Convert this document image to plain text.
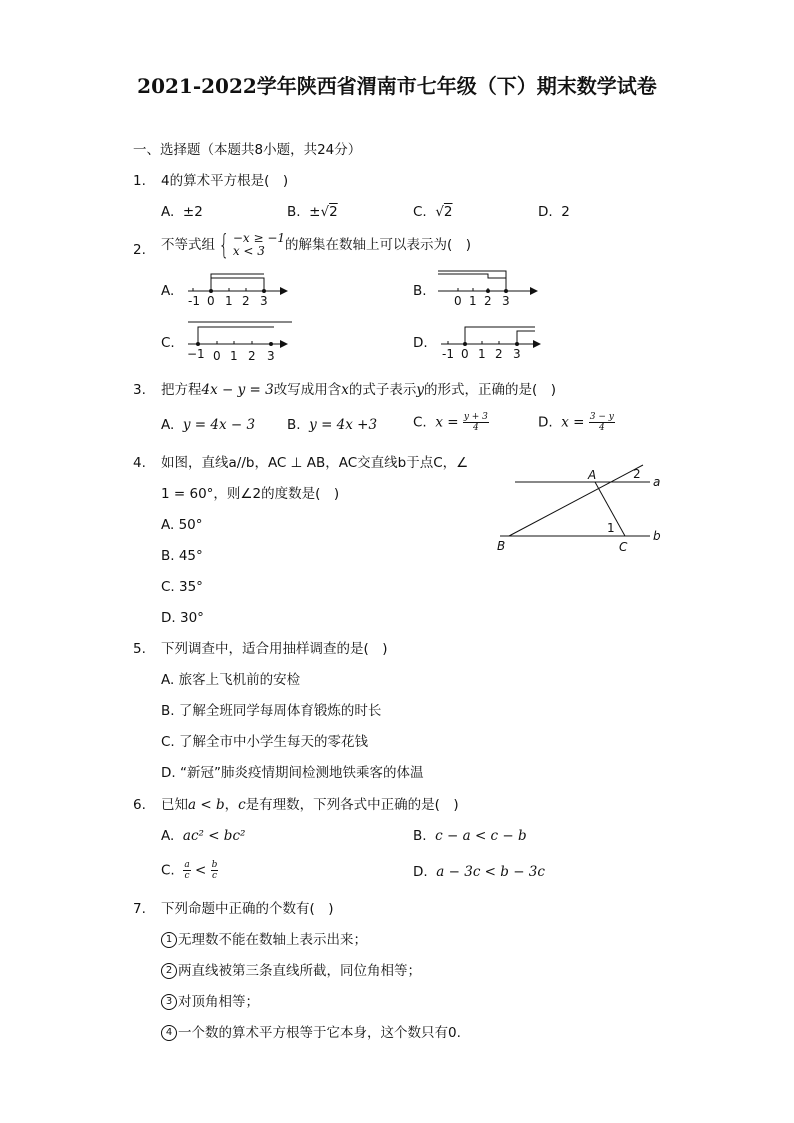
2021-2022学年陕西省渭南市七年级（下）期末数学试卷
一、选择题（本题共8小题，共24分）
1. 4的算术平方根是(　)
A. ±2	B. ±√2	C. √2	D. 2
2. 不等式组 { −x ≥ −1
x < 3	的解集在数轴上可以表示为(　)
A.
-1 0 1 2 3
B.
0 1 2 3
C.
−1 0 1 2 3
D.
-1 0 1 2 3
3. 把方程4x − y = 3改写成用含x的式子表示y的形式，正确的是(　)
A. y = 4x − 3 B. y = 4x +3	C. $x = \frac{y + 3}{4}$	D. $x = \frac{3 - y}{4}$
4. 如图，直线a//b，AC ⊥ AB，AC交直线b于点C，∠
1 = 60°，则∠2的度数是(　)
A. 50°
B. 45°
C. 35°
D. 30°
B
A
C
a
b
1
2
5. 下列调查中，适合用抽样调查的是(　)
A. 旅客上飞机前的安检
B. 了解全班同学每周体育锻炼的时长
C. 了解全市中小学生每天的零花钱
D. “新冠”肺炎疫情期间检测地铁乘客的体温
6. 已知a < b，c是有理数，下列各式中正确的是(　)
A. ac² < bc²	B. c − a < c − b
C. $\frac{a}{c} < \frac{b}{c}$	D. a − 3c < b − 3c
7. 下列命题中正确的个数有(　)
1 无理数不能在数轴上表示出来；
2 两直线被第三条直线所截，同位角相等；
3 对顶角相等；
4 一个数的算术平方根等于它本身，这个数只有0.
